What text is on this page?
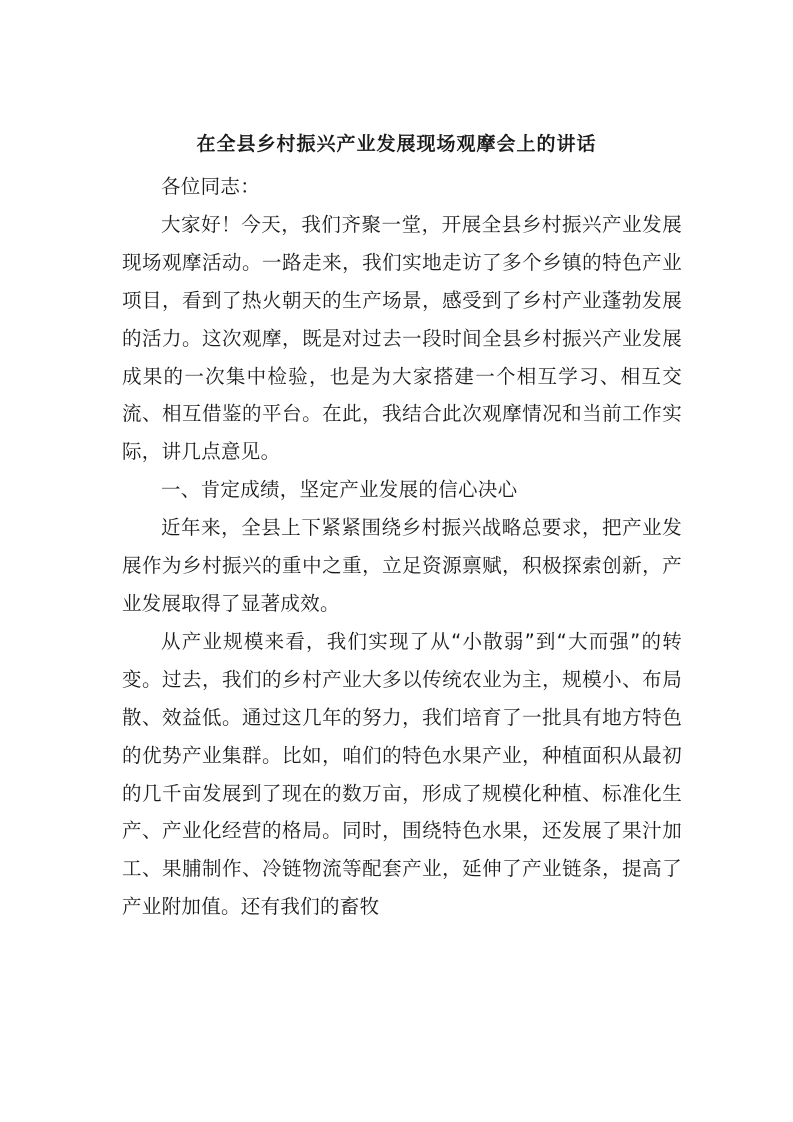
在全县乡村振兴产业发展现场观摩会上的讲话

各位同志：

大家好！今天，我们齐聚一堂，开展全县乡村振兴产业发展现场观摩活动。一路走来，我们实地走访了多个乡镇的特色产业项目，看到了热火朝天的生产场景，感受到了乡村产业蓬勃发展的活力。这次观摩，既是对过去一段时间全县乡村振兴产业发展成果的一次集中检验，也是为大家搭建一个相互学习、相互交流、相互借鉴的平台。在此，我结合此次观摩情况和当前工作实际，讲几点意见。

一、肯定成绩，坚定产业发展的信心决心

近年来，全县上下紧紧围绕乡村振兴战略总要求，把产业发展作为乡村振兴的重中之重，立足资源禀赋，积极探索创新，产业发展取得了显著成效。

从产业规模来看，我们实现了从“小散弱”到“大而强”的转变。过去，我们的乡村产业大多以传统农业为主，规模小、布局散、效益低。通过这几年的努力，我们培育了一批具有地方特色的优势产业集群。比如，咱们的特色水果产业，种植面积从最初的几千亩发展到了现在的数万亩，形成了规模化种植、标准化生产、产业化经营的格局。同时，围绕特色水果，还发展了果汁加工、果脯制作、冷链物流等配套产业，延伸了产业链条，提高了产业附加值。还有我们的畜牧
